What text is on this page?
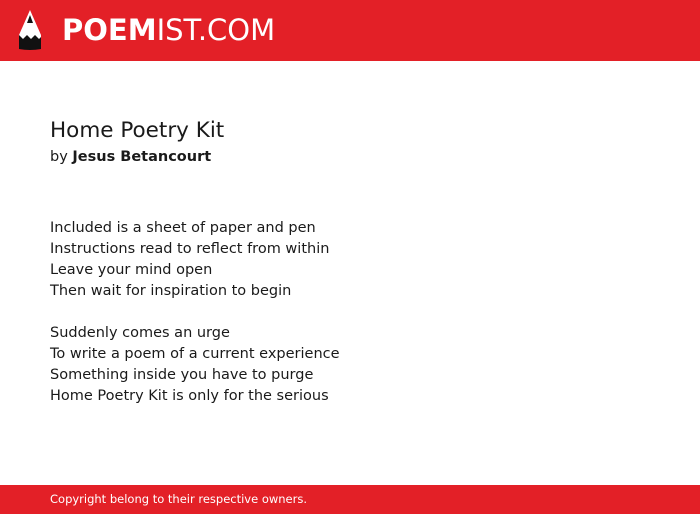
POEMIST.COM
Home Poetry Kit

by Jesus Betancourt

Included is a sheet of paper and pen
Instructions read to reflect from within
Leave your mind open
Then wait for inspiration to begin

Suddenly comes an urge
To write a poem of a current experience
Something inside you have to purge
Home Poetry Kit is only for the serious

Copyright belong to their respective owners.
